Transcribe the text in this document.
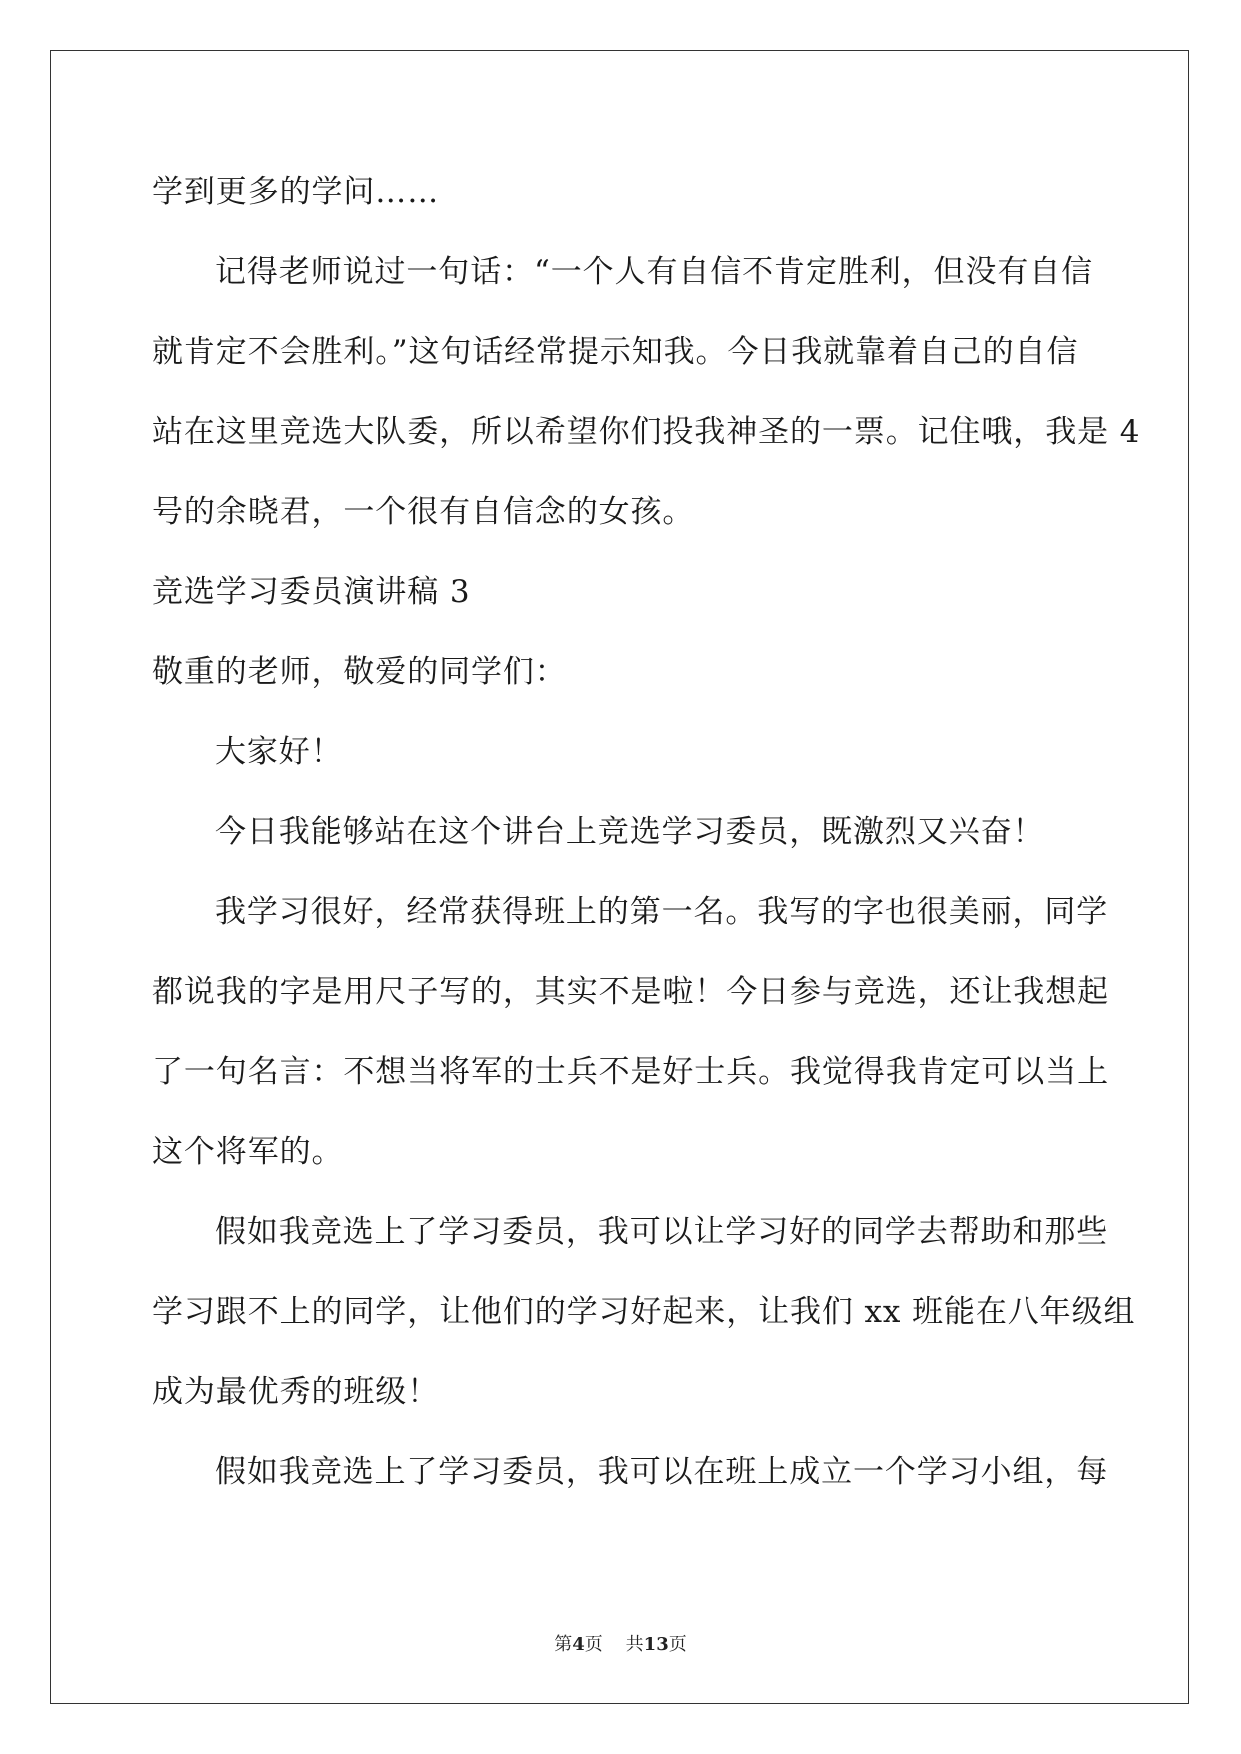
学到更多的学问……
记得老师说过一句话：“一个人有自信不肯定胜利，但没有自信
就肯定不会胜利。”这句话经常提示知我。今日我就靠着自己的自信
站在这里竞选大队委，所以希望你们投我神圣的一票。记住哦，我是 4
号的余晓君，一个很有自信念的女孩。
竞选学习委员演讲稿 3
敬重的老师，敬爱的同学们：
大家好！
今日我能够站在这个讲台上竞选学习委员，既激烈又兴奋！
我学习很好，经常获得班上的第一名。我写的字也很美丽，同学
都说我的字是用尺子写的，其实不是啦！今日参与竞选，还让我想起
了一句名言：不想当将军的士兵不是好士兵。我觉得我肯定可以当上
这个将军的。
假如我竞选上了学习委员，我可以让学习好的同学去帮助和那些
学习跟不上的同学，让他们的学习好起来，让我们 xx 班能在八年级组
成为最优秀的班级！
假如我竞选上了学习委员，我可以在班上成立一个学习小组，每
第4页 共13页
